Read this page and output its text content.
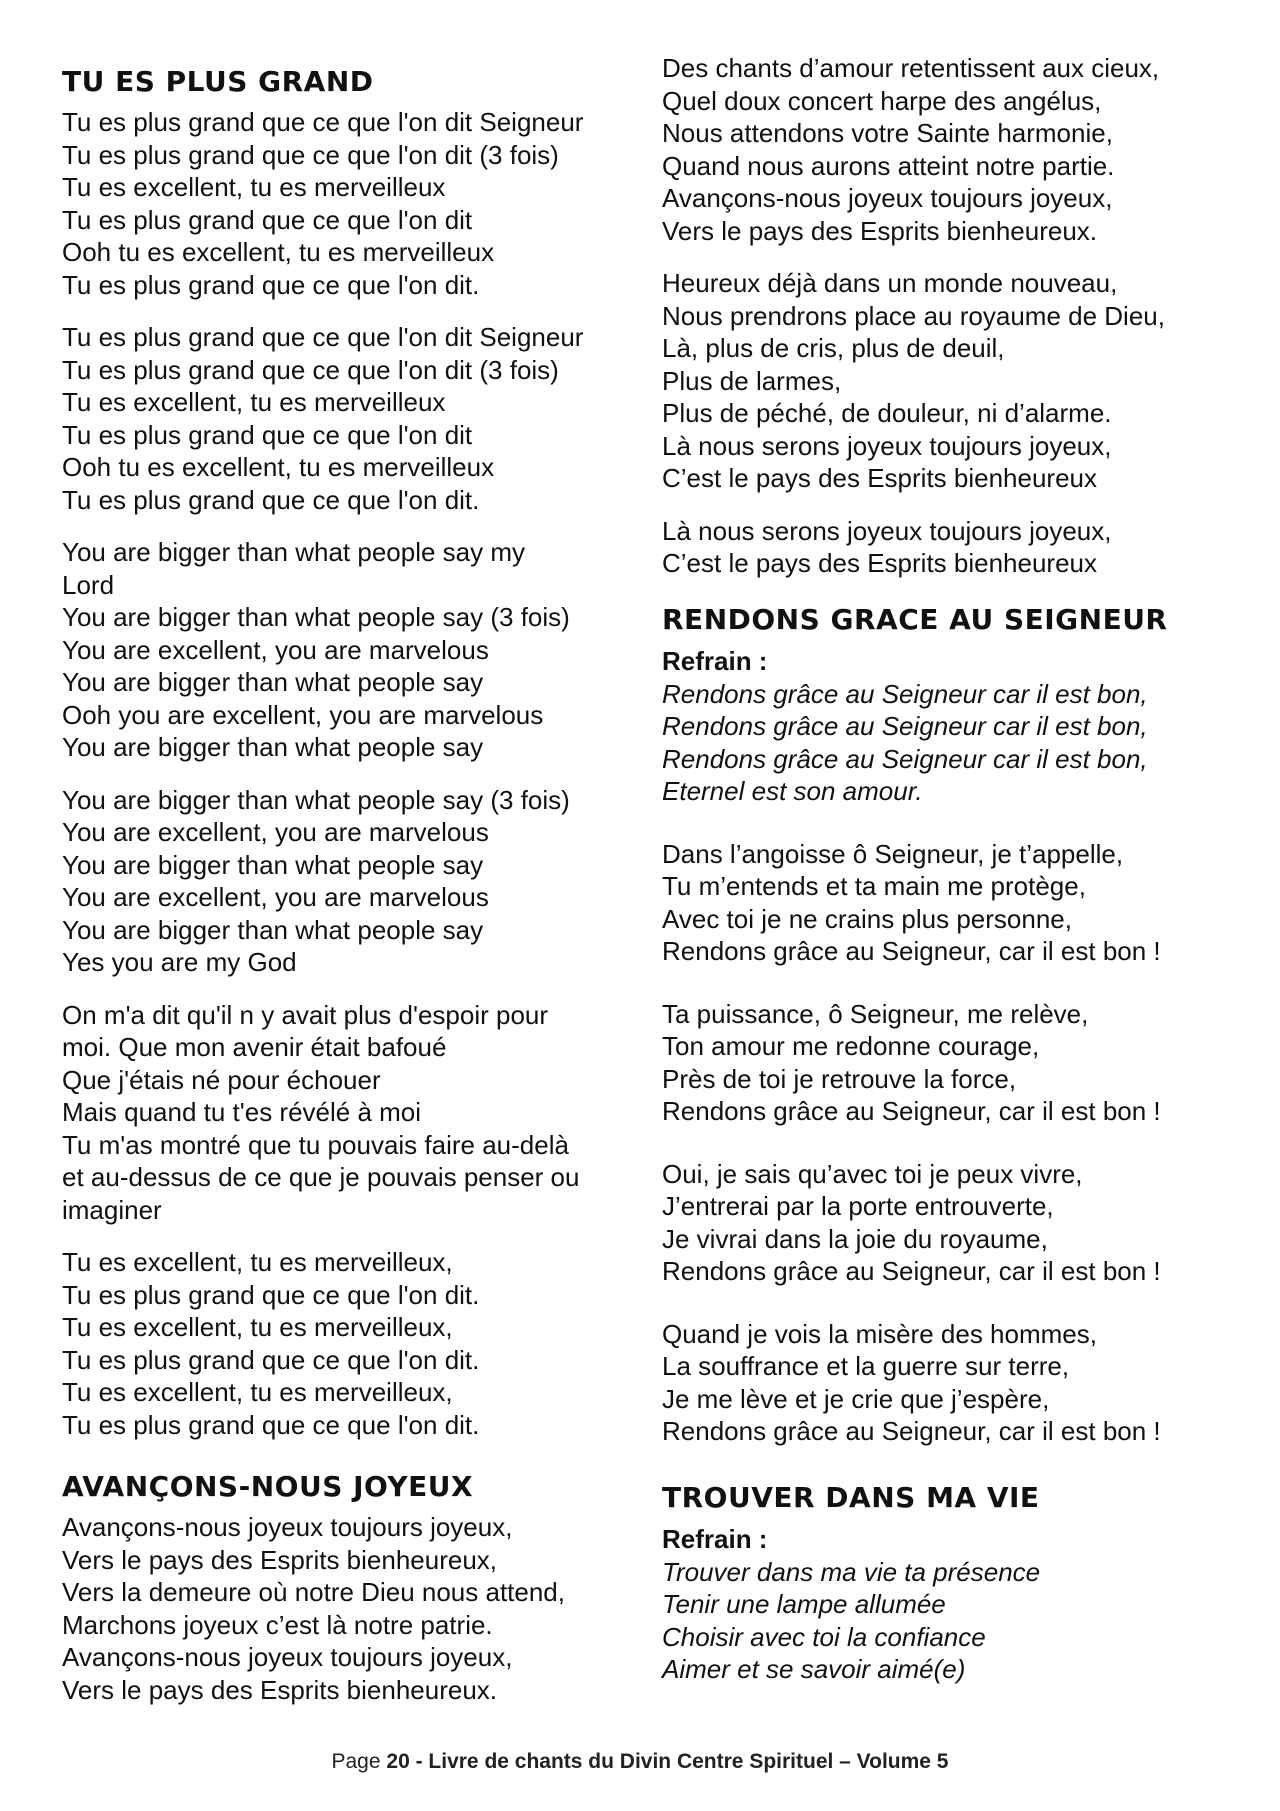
TU ES PLUS GRAND
Tu es plus grand que ce que l'on dit Seigneur
Tu es plus grand que ce que l'on dit (3 fois)
Tu es excellent, tu es merveilleux
Tu es plus grand que ce que l'on dit
Ooh tu es excellent, tu es merveilleux
Tu es plus grand que ce que l'on dit.
Tu es plus grand que ce que l'on dit Seigneur
Tu es plus grand que ce que l'on dit (3 fois)
Tu es excellent, tu es merveilleux
Tu es plus grand que ce que l'on dit
Ooh tu es excellent, tu es merveilleux
Tu es plus grand que ce que l'on dit.
You are bigger than what people say my
Lord
You are bigger than what people say (3 fois)
You are excellent, you are marvelous
You are bigger than what people say
Ooh you are excellent, you are marvelous
You are bigger than what people say
You are bigger than what people say (3 fois)
You are excellent, you are marvelous
You are bigger than what people say
You are excellent, you are marvelous
You are bigger than what people say
Yes you are my God
On m'a dit qu'il n y avait plus d'espoir pour
moi. Que mon avenir était bafoué
Que j'étais né pour échouer
Mais quand tu t'es révélé à moi
Tu m'as montré que tu pouvais faire au-delà
et au-dessus de ce que je pouvais penser ou
imaginer
Tu es excellent, tu es merveilleux,
Tu es plus grand que ce que l'on dit.
Tu es excellent, tu es merveilleux,
Tu es plus grand que ce que l'on dit.
Tu es excellent, tu es merveilleux,
Tu es plus grand que ce que l'on dit.
AVANÇONS-NOUS JOYEUX
Avançons-nous joyeux toujours joyeux,
Vers le pays des Esprits bienheureux,
Vers la demeure où notre Dieu nous attend,
Marchons joyeux c’est là notre patrie.
Avançons-nous joyeux toujours joyeux,
Vers le pays des Esprits bienheureux.
Des chants d’amour retentissent aux cieux,
Quel doux concert harpe des angélus,
Nous attendons votre Sainte harmonie,
Quand nous aurons atteint notre partie.
Avançons-nous joyeux toujours joyeux,
Vers le pays des Esprits bienheureux.
Heureux déjà dans un monde nouveau,
Nous prendrons place au royaume de Dieu,
Là, plus de cris, plus de deuil,
Plus de larmes,
Plus de péché, de douleur, ni d’alarme.
Là nous serons joyeux toujours joyeux,
C’est le pays des Esprits bienheureux
Là nous serons joyeux toujours joyeux,
C’est le pays des Esprits bienheureux
RENDONS GRACE AU SEIGNEUR
Refrain :
Rendons grâce au Seigneur car il est bon,
Rendons grâce au Seigneur car il est bon,
Rendons grâce au Seigneur car il est bon,
Eternel est son amour.
Dans l’angoisse ô Seigneur, je t’appelle,
Tu m’entends et ta main me protège,
Avec toi je ne crains plus personne,
Rendons grâce au Seigneur, car il est bon !
Ta puissance, ô Seigneur, me relève,
Ton amour me redonne courage,
Près de toi je retrouve la force,
Rendons grâce au Seigneur, car il est bon !
Oui, je sais qu’avec toi je peux vivre,
J’entrerai par la porte entrouverte,
Je vivrai dans la joie du royaume,
Rendons grâce au Seigneur, car il est bon !
Quand je vois la misère des hommes,
La souffrance et la guerre sur terre,
Je me lève et je crie que j’espère,
Rendons grâce au Seigneur, car il est bon !
TROUVER DANS MA VIE
Refrain :
Trouver dans ma vie ta présence
Tenir une lampe allumée
Choisir avec toi la confiance
Aimer et se savoir aimé(e)
Page 20 - Livre de chants du Divin Centre Spirituel – Volume 5
